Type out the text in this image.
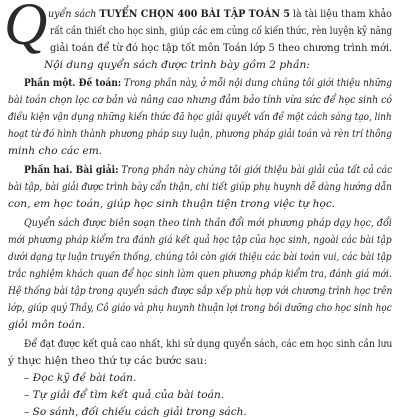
Q uyển sách TUYỂN CHỌN 400 BÀI TẬP TOÁN 5 là tài liệu tham khảo
rất cần thiết cho học sinh, giúp các em củng cố kiến thức, rèn luyện kỹ năng
giải toán để từ đó học tập tốt môn Toán lớp 5 theo chương trình mới.
Nội dung quyển sách được trình bày gồm 2 phần:
Phần một. Đề toán: Trong phần này, ở mỗi nội dung chúng tôi giới thiệu những
bài toán chọn lọc cơ bản và nâng cao nhưng đảm bảo tính vừa sức để học sinh có
điều kiện vận dụng những kiến thức đã học giải quyết vấn đề một cách sáng tạo, linh
hoạt từ đó hình thành phương pháp suy luận, phương pháp giải toán và rèn trí thông
minh cho các em.
Phần hai. Bài giải: Trong phần này chúng tôi giới thiệu bài giải của tất cả các
bài tập, bài giải được trình bày cẩn thận, chi tiết giúp phụ huynh dễ dàng hướng dẫn
con, em học toán, giúp học sinh thuận tiện trong việc tự học.
Quyển sách được biên soạn theo tinh thần đổi mới phương pháp dạy học, đổi
mới phương pháp kiểm tra đánh giá kết quả học tập của học sinh, ngoài các bài tập
dưới dạng tự luận truyền thống, chúng tôi còn giới thiệu các bài toán vui, các bài tập
trắc nghiệm khách quan để học sinh làm quen phương pháp kiểm tra, đánh giá mới.
Hệ thống bài tập trong quyển sách được sắp xếp phù hợp với chương trình học trên
lớp, giúp quý Thầy, Cô giáo và phụ huynh thuận lợi trong bồi dưỡng cho học sinh học
giỏi môn toán.
Để đạt được kết quả cao nhất, khi sử dụng quyển sách, các em học sinh cần lưu
ý thực hiện theo thứ tự các bước sau:
– Đọc kỹ đề bài toán.
– Tự giải để tìm kết quả của bài toán.
– So sánh, đối chiếu cách giải trong sách.
